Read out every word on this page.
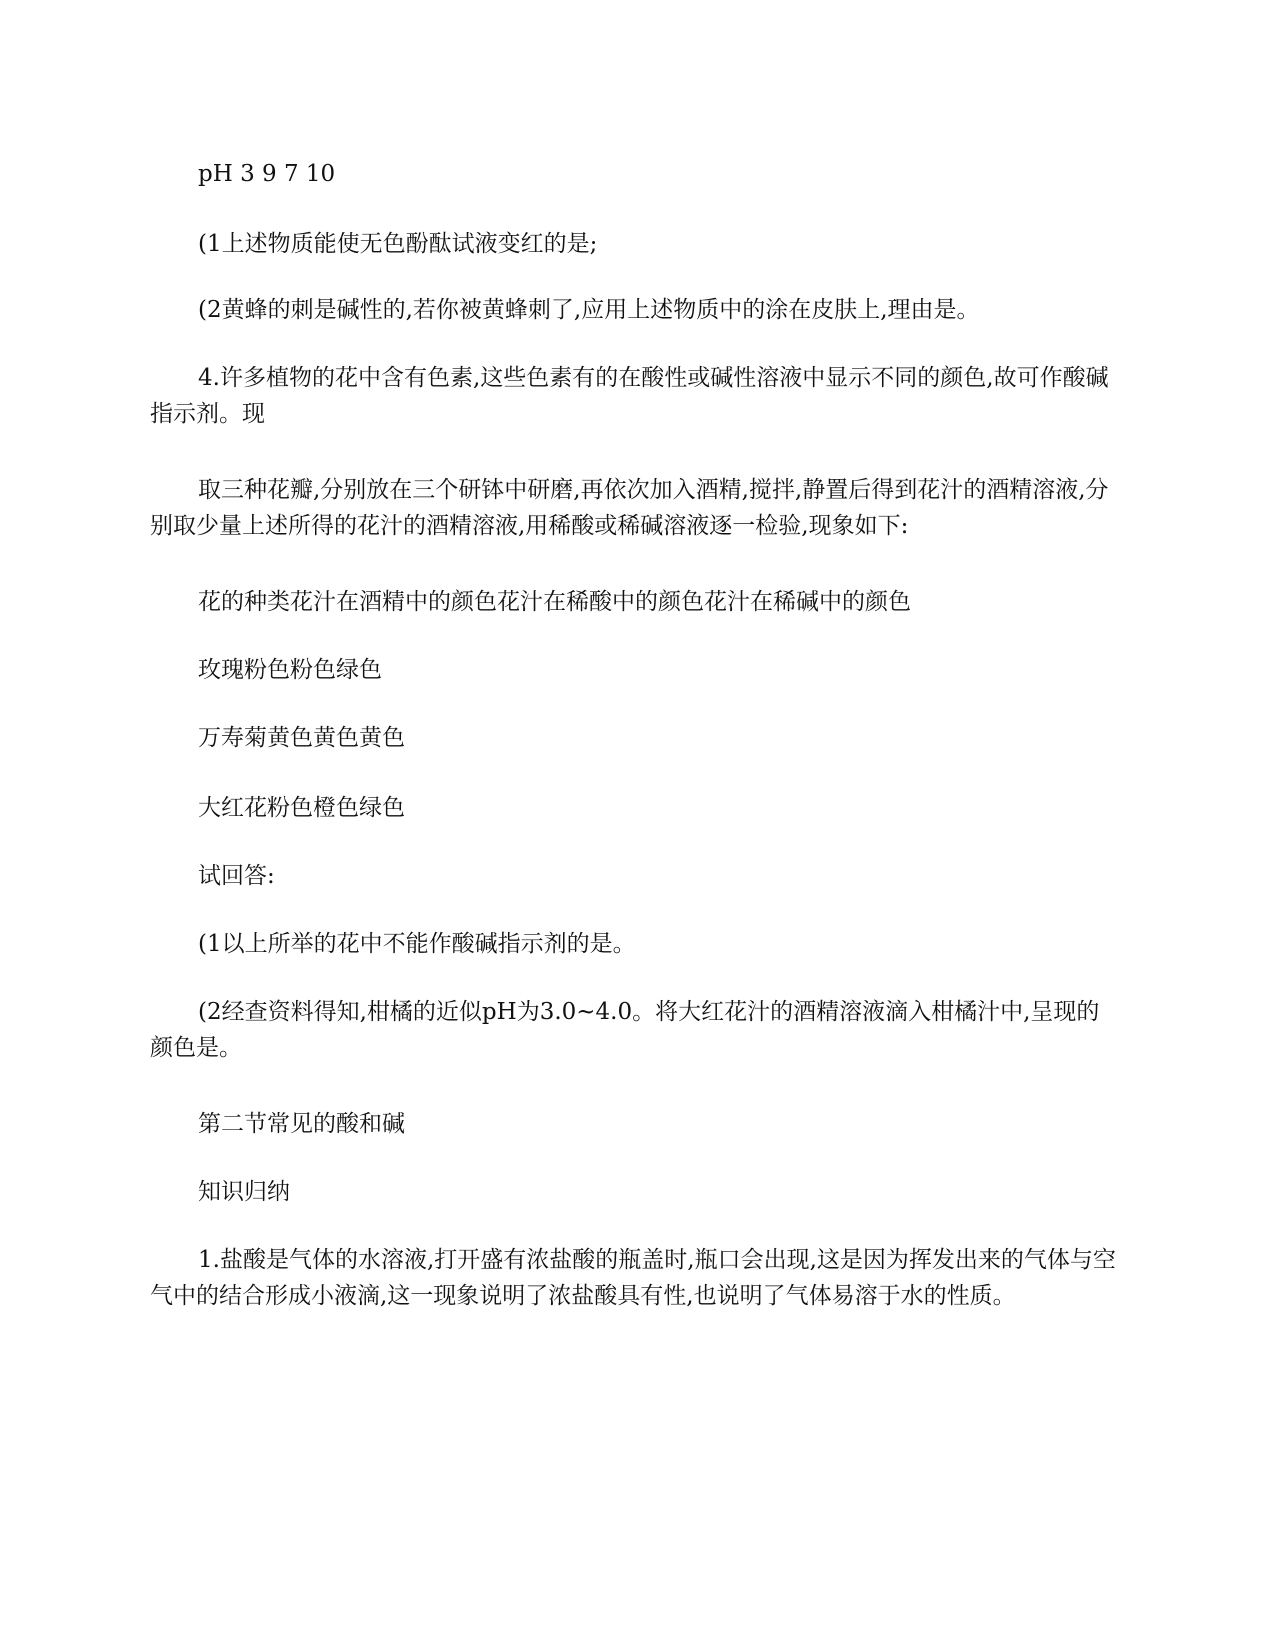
pH 3 9 7 10

(1上述物质能使无色酚酞试液变红的是;

(2黄蜂的刺是碱性的,若你被黄蜂刺了,应用上述物质中的涂在皮肤上,理由是。

4.许多植物的花中含有色素,这些色素有的在酸性或碱性溶液中显示不同的颜色,故可作酸碱指示剂。现

取三种花瓣,分别放在三个研钵中研磨,再依次加入酒精,搅拌,静置后得到花汁的酒精溶液,分别取少量上述所得的花汁的酒精溶液,用稀酸或稀碱溶液逐一检验,现象如下:

花的种类花汁在酒精中的颜色花汁在稀酸中的颜色花汁在稀碱中的颜色

玫瑰粉色粉色绿色

万寿菊黄色黄色黄色

大红花粉色橙色绿色

试回答:

(1以上所举的花中不能作酸碱指示剂的是。

(2经查资料得知,柑橘的近似pH为3.0~4.0。将大红花汁的酒精溶液滴入柑橘汁中,呈现的颜色是。

第二节常见的酸和碱

知识归纳

1.盐酸是气体的水溶液,打开盛有浓盐酸的瓶盖时,瓶口会出现,这是因为挥发出来的气体与空气中的结合形成小液滴,这一现象说明了浓盐酸具有性,也说明了气体易溶于水的性质。
